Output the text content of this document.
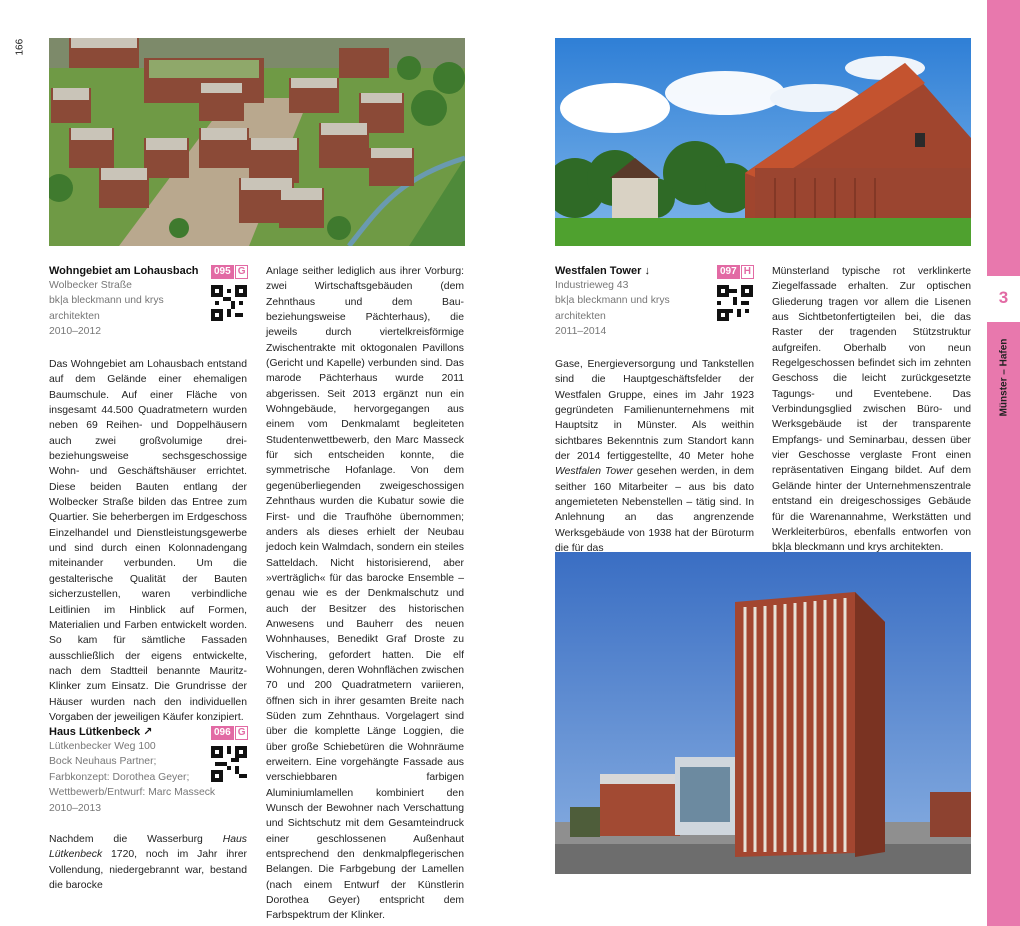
166
3
Münster – Hafen
Wohngebiet am Lohausbach
Wolbecker Straße
bk|a bleckmann und krys
architekten
2010–2012
095 G

Das Wohngebiet am Lohausbach entstand auf dem Gelände einer ehemaligen Baumschule. Auf einer Fläche von insgesamt 44.500 Quadratmetern wurden neben 69 Reihen- und Doppelhäusern auch zwei großvolumige drei- beziehungsweise sechsgeschossige Wohn- und Geschäftshäuser errichtet. Diese beiden Bauten entlang der Wolbecker Straße bilden das Entree zum Quartier. Sie beherbergen im Erdgeschoss Einzelhandel und Dienstleistungsgewerbe und sind durch einen Kolonnadengang miteinander verbunden. Um die gestalterische Qualität der Bauten sicherzustellen, waren verbindliche Leitlinien im Hinblick auf Formen, Materialien und Farben entwickelt worden. So kam für sämtliche Fassaden ausschließlich der eigens entwickelte, nach dem Stadtteil benannte Mauritz-Klinker zum Einsatz. Die Grundrisse der Häuser wurden nach den individuellen Vorgaben der jeweiligen Käufer konzipiert.

Haus Lütkenbeck ↗
Lütkenbecker Weg 100
Bock Neuhaus Partner;
Farbkonzept: Dorothea Geyer;
Wettbewerb/Entwurf: Marc Masseck
2010–2013
096 G

Nachdem die Wasserburg Haus Lütkenbeck 1720, noch im Jahr ihrer Vollendung, niedergebrannt war, bestand die barocke

Anlage seither lediglich aus ihrer Vorburg: zwei Wirtschaftsgebäuden (dem Zehnthaus und dem Bau- beziehungsweise Pächterhaus), die jeweils durch viertelkreisförmige Zwischentrakte mit oktogonalen Pavillons (Gericht und Kapelle) verbunden sind. Das marode Pächterhaus wurde 2011 abgerissen. Seit 2013 ergänzt nun ein Wohngebäude, hervorgegangen aus einem vom Denkmalamt begleiteten Studentenwettbewerb, den Marc Masseck für sich entscheiden konnte, die symmetrische Hofanlage. Von dem gegenüberliegenden zweigeschossigen Zehnthaus wurden die Kubatur sowie die First- und die Traufhöhe übernommen; anders als dieses erhielt der Neubau jedoch kein Walmdach, sondern ein steiles Satteldach. Nicht historisierend, aber »verträglich« für das barocke Ensemble – genau wie es der Denkmalschutz und auch der Besitzer des historischen Anwesens und Bauherr des neuen Wohnhauses, Benedikt Graf Droste zu Vischering, gefordert hatten. Die elf Wohnungen, deren Wohnflächen zwischen 70 und 200 Quadratmetern variieren, öffnen sich in ihrer gesamten Breite nach Süden zum Zehnthaus. Vorgelagert sind über die komplette Länge Loggien, die über große Schiebetüren die Wohnräume erweitern. Eine vorgehängte Fassade aus verschiebbaren farbigen Aluminiumlamellen kombiniert den Wunsch der Bewohner nach Verschattung und Sichtschutz mit dem Gesamteindruck einer geschlossenen Außenhaut entsprechend den denkmalpflegerischen Belangen. Die Farbgebung der Lamellen (nach einem Entwurf der Künstlerin Dorothea Geyer) entspricht dem Farbspektrum der Klinker.

Westfalen Tower ↓
Industrieweg 43
bk|a bleckmann und krys
architekten
2011–2014
097 H

Gase, Energieversorgung und Tankstellen sind die Hauptgeschäftsfelder der Westfalen Gruppe, eines im Jahr 1923 gegründeten Familienunternehmens mit Hauptsitz in Münster. Als weithin sichtbares Bekenntnis zum Standort kann der 2014 fertiggestellte, 40 Meter hohe Westfalen Tower gesehen werden, in dem seither 160 Mitarbeiter – aus bis dato angemieteten Nebenstellen – tätig sind. In Anlehnung an das angrenzende Werksgebäude von 1938 hat der Büroturm die für das

Münsterland typische rot verklinkerte Ziegelfassade erhalten. Zur optischen Gliederung tragen vor allem die Lisenen aus Sichtbetonfertigteilen bei, die das Raster der tragenden Stützstruktur aufgreifen. Oberhalb von neun Regelgeschossen befindet sich im zehnten Geschoss die leicht zurückgesetzte Tagungs- und Eventebene. Das Verbindungsglied zwischen Büro- und Werksgebäude ist der transparente Empfangs- und Seminarbau, dessen über vier Geschosse verglaste Front einen repräsentativen Eingang bildet. Auf dem Gelände hinter der Unternehmenszentrale entstand ein dreigeschossiges Gebäude für die Warenannahme, Werkstätten und Werkleiterbüros, ebenfalls entworfen von bk|a bleckmann und krys architekten.
